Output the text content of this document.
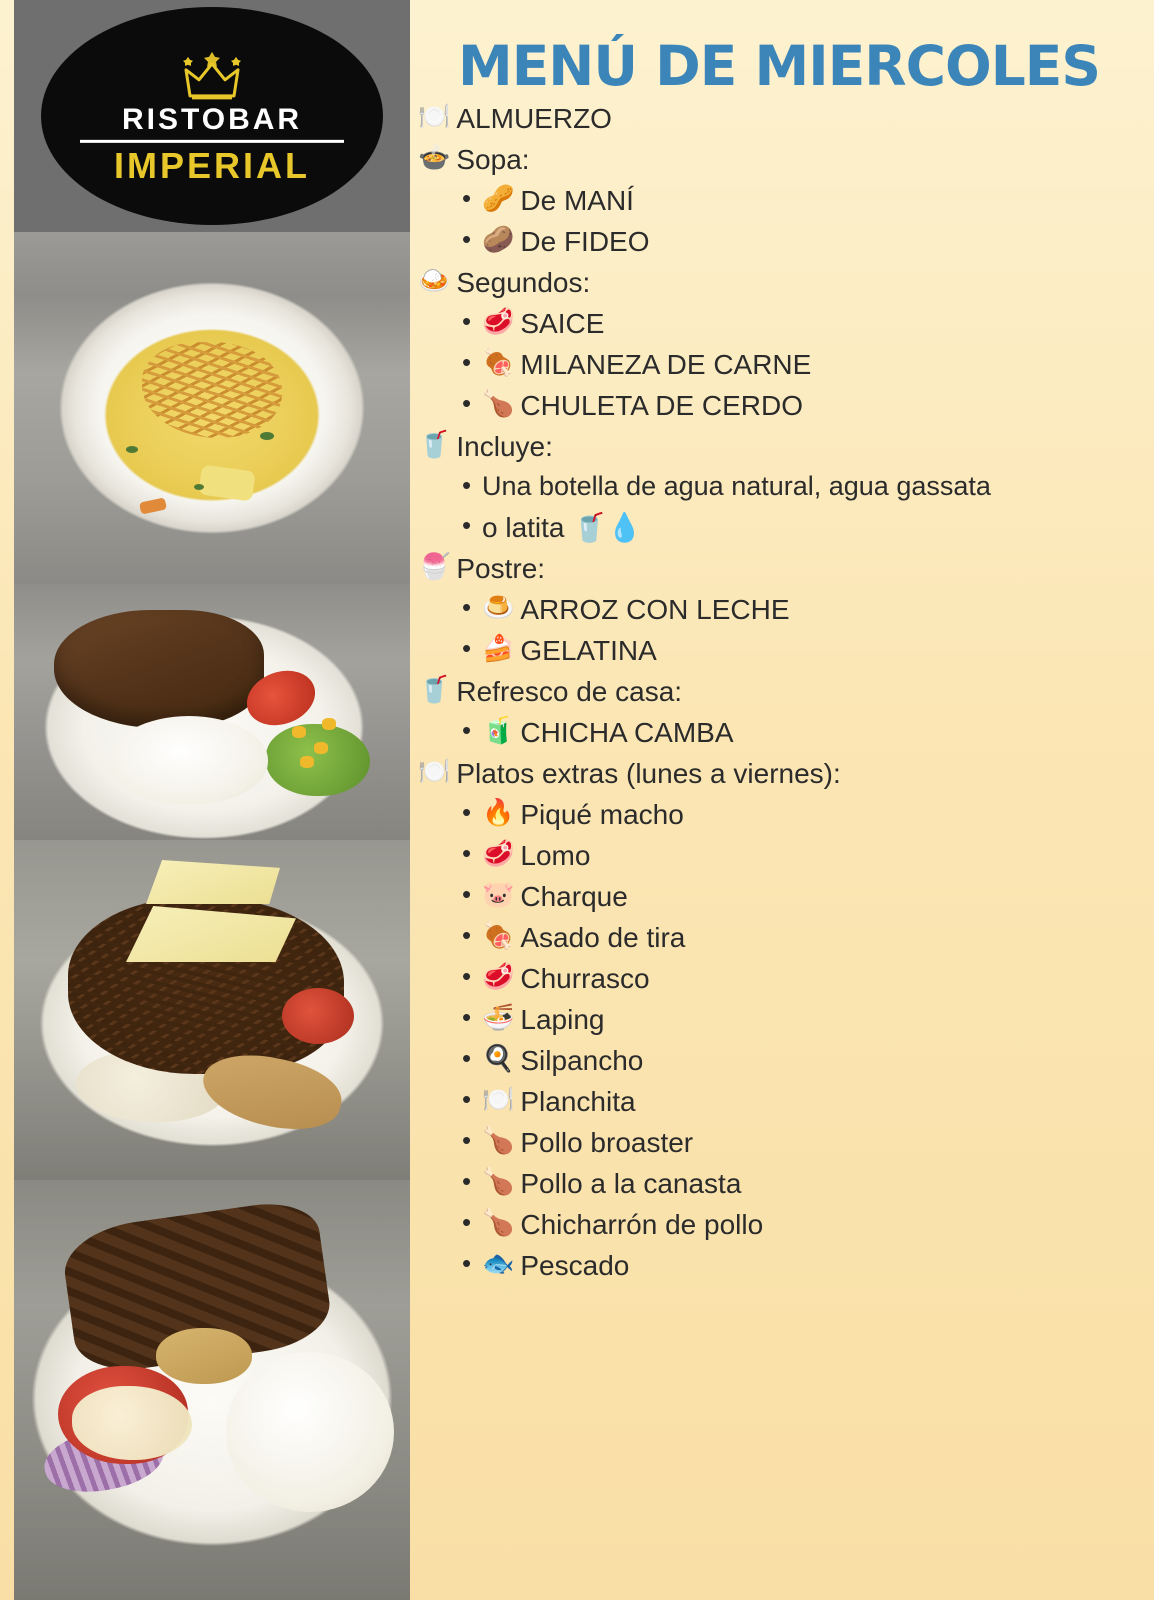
RISTOBAR
IMPERIAL
MENÚ DE MIERCOLES
🍽️ ALMUERZO
🍲 Sopa:
• 🥜 De MANÍ
• 🥔 De FIDEO
🍛 Segundos:
• 🥩 SAICE
• 🍖 MILANEZA DE CARNE
• 🍗 CHULETA DE CERDO
🥤 Incluye:
• Una botella de agua natural, agua gassata
• o latita 🥤💧
🍧 Postre:
• 🍮 ARROZ CON LECHE
• 🍰 GELATINA
🥤 Refresco de casa:
• 🧃 CHICHA CAMBA
🍽️ Platos extras (lunes a viernes):
• 🔥 Piqué macho
• 🥩 Lomo
• 🐷 Charque
• 🍖 Asado de tira
• 🥩 Churrasco
• 🍜 Laping
• 🍳 Silpancho
• 🍽️ Planchita
• 🍗 Pollo broaster
• 🍗 Pollo a la canasta
• 🍗 Chicharrón de pollo
• 🐟 Pescado
